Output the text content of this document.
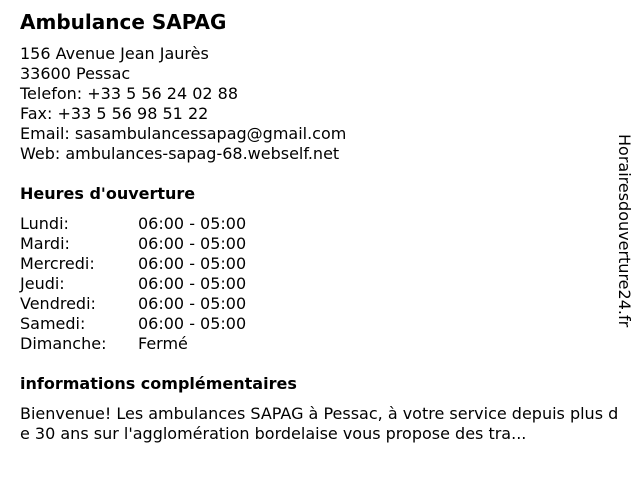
Ambulance SAPAG
156 Avenue Jean Jaurès
33600 Pessac
Telefon: +33 5 56 24 02 88
Fax: +33 5 56 98 51 22
Email: sasambulancessapag@gmail.com
Web: ambulances-sapag-68.webself.net
Heures d'ouverture
Lundi:	06:00 - 05:00
Mardi:	06:00 - 05:00
Mercredi:	06:00 - 05:00
Jeudi:	06:00 - 05:00
Vendredi:	06:00 - 05:00
Samedi:	06:00 - 05:00
Dimanche:	Fermé
informations complémentaires
Bienvenue! Les ambulances SAPAG à Pessac, à votre service depuis plus de 30 ans sur l'agglomération bordelaise vous propose des tra...
Horairesdouverture24.fr
